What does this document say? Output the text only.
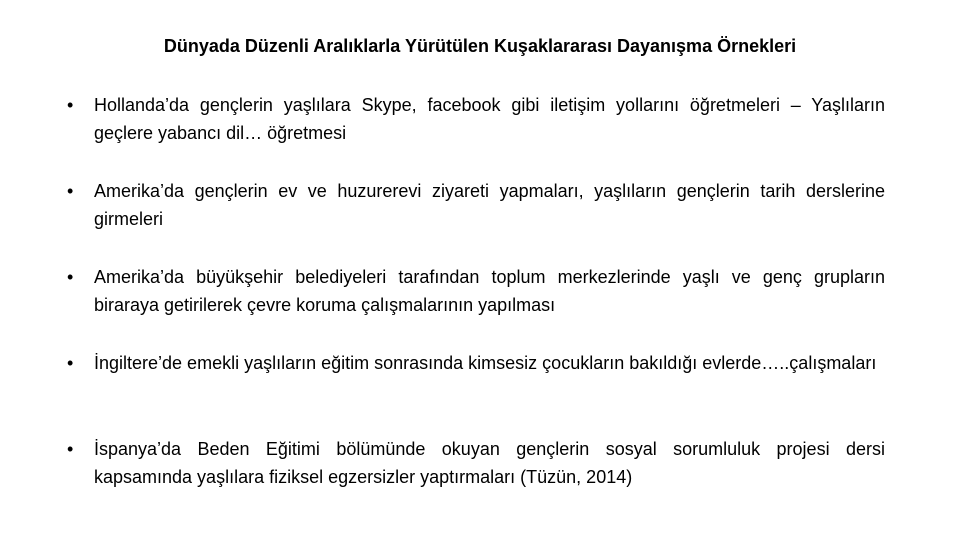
Dünyada Düzenli Aralıklarla Yürütülen Kuşaklararası Dayanışma Örnekleri
•	Hollanda’da gençlerin yaşlılara Skype, facebook gibi iletişim yollarını öğretmeleri – Yaşlıların geçlere yabancı dil… öğretmesi
•	Amerika’da gençlerin ev ve huzurerevi ziyareti yapmaları, yaşlıların gençlerin tarih derslerine girmeleri
•	Amerika’da büyükşehir belediyeleri tarafından toplum merkezlerinde yaşlı ve genç grupların biraraya getirilerek çevre koruma çalışmalarının yapılması
•	İngiltere’de emekli yaşlıların eğitim sonrasında kimsesiz çocukların bakıldığı evlerde…..çalışmaları
•	İspanya’da Beden Eğitimi bölümünde okuyan gençlerin sosyal sorumluluk projesi dersi kapsamında yaşlılara fiziksel egzersizler yaptırmaları (Tüzün, 2014)
